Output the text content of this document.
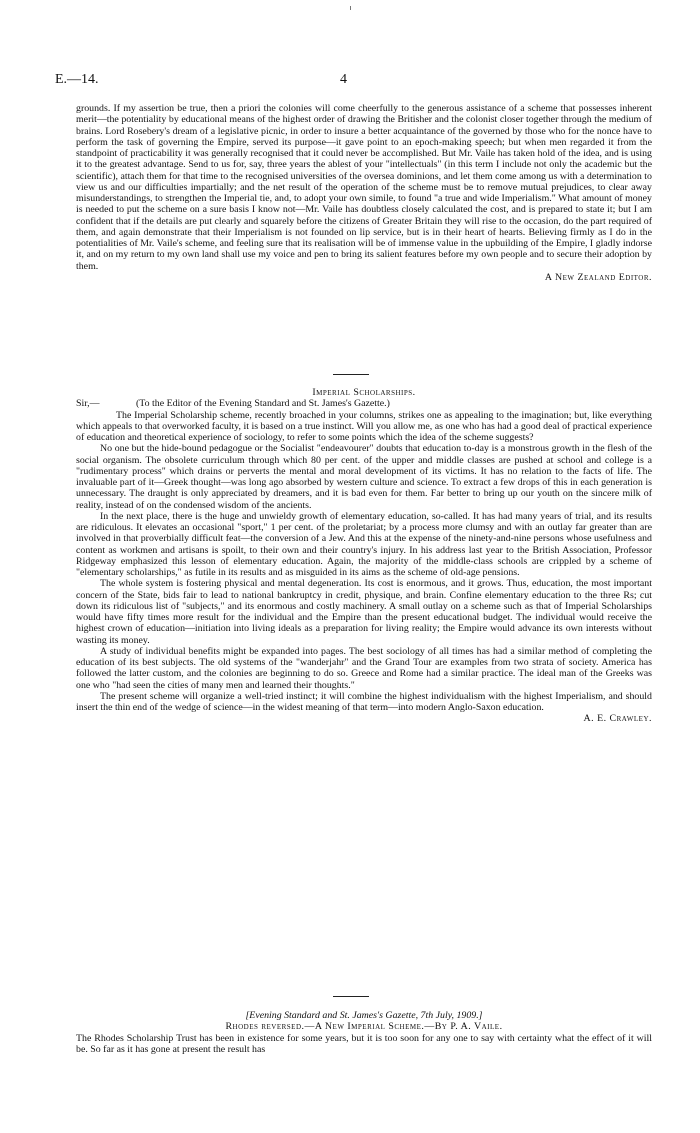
E.—14.	4

grounds. If my assertion be true, then a priori the colonies will come cheerfully to the generous assistance of a scheme that possesses inherent merit—the potentiality by educational means of the highest order of drawing the Britisher and the colonist closer together through the medium of brains. Lord Rosebery's dream of a legislative picnic, in order to insure a better acquaintance of the governed by those who for the nonce have to perform the task of governing the Empire, served its purpose—it gave point to an epoch-making speech; but when men regarded it from the standpoint of practicability it was generally recognised that it could never be accomplished. But Mr. Vaile has taken hold of the idea, and is using it to the greatest advantage. Send to us for, say, three years the ablest of your "intellectuals" (in this term I include not only the academic but the scientific), attach them for that time to the recognised universities of the oversea dominions, and let them come among us with a determination to view us and our difficulties impartially; and the net result of the operation of the scheme must be to remove mutual prejudices, to clear away misunderstandings, to strengthen the Imperial tie, and, to adopt your own simile, to found "a true and wide Imperialism." What amount of money is needed to put the scheme on a sure basis I know not—Mr. Vaile has doubtless closely calculated the cost, and is prepared to state it; but I am confident that if the details are put clearly and squarely before the citizens of Greater Britain they will rise to the occasion, do the part required of them, and again demonstrate that their Imperialism is not founded on lip service, but is in their heart of hearts. Believing firmly as I do in the potentialities of Mr. Vaile's scheme, and feeling sure that its realisation will be of immense value in the upbuilding of the Empire, I gladly indorse it, and on my return to my own land shall use my voice and pen to bring its salient features before my own people and to secure their adoption by them.

A New Zealand Editor.

Imperial Scholarships.

Sir,—	(To the Editor of the Evening Standard and St. James's Gazette.)

The Imperial Scholarship scheme, recently broached in your columns, strikes one as appealing to the imagination; but, like everything which appeals to that overworked faculty, it is based on a true instinct. Will you allow me, as one who has had a good deal of practical experience of education and theoretical experience of sociology, to refer to some points which the idea of the scheme suggests?

No one but the hide-bound pedagogue or the Socialist "endeavourer" doubts that education to-day is a monstrous growth in the flesh of the social organism. The obsolete curriculum through which 80 per cent. of the upper and middle classes are pushed at school and college is a "rudimentary process" which drains or perverts the mental and moral development of its victims. It has no relation to the facts of life. The invaluable part of it—Greek thought—was long ago absorbed by western culture and science. To extract a few drops of this in each generation is unnecessary. The draught is only appreciated by dreamers, and it is bad even for them. Far better to bring up our youth on the sincere milk of reality, instead of on the condensed wisdom of the ancients.

In the next place, there is the huge and unwieldy growth of elementary education, so-called. It has had many years of trial, and its results are ridiculous. It elevates an occasional "sport," 1 per cent. of the proletariat; by a process more clumsy and with an outlay far greater than are involved in that proverbially difficult feat—the conversion of a Jew. And this at the expense of the ninety-and-nine persons whose usefulness and content as workmen and artisans is spoilt, to their own and their country's injury. In his address last year to the British Association, Professor Ridgeway emphasized this lesson of elementary education. Again, the majority of the middle-class schools are crippled by a scheme of "elementary scholarships," as futile in its results and as misguided in its aims as the scheme of old-age pensions.

The whole system is fostering physical and mental degeneration. Its cost is enormous, and it grows. Thus, education, the most important concern of the State, bids fair to lead to national bankruptcy in credit, physique, and brain. Confine elementary education to the three Rs; cut down its ridiculous list of "subjects," and its enormous and costly machinery. A small outlay on a scheme such as that of Imperial Scholarships would have fifty times more result for the individual and the Empire than the present educational budget. The individual would receive the highest crown of education—initiation into living ideals as a preparation for living reality; the Empire would advance its own interests without wasting its money.

A study of individual benefits might be expanded into pages. The best sociology of all times has had a similar method of completing the education of its best subjects. The old systems of the "wanderjahr" and the Grand Tour are examples from two strata of society. America has followed the latter custom, and the colonies are beginning to do so. Greece and Rome had a similar practice. The ideal man of the Greeks was one who "had seen the cities of many men and learned their thoughts."

The present scheme will organize a well-tried instinct; it will combine the highest individualism with the highest Imperialism, and should insert the thin end of the wedge of science—in the widest meaning of that term—into modern Anglo-Saxon education.

A. E. Crawley.

[Evening Standard and St. James's Gazette, 7th July, 1909.]

Rhodes reversed.—A New Imperial Scheme.—By P. A. Vaile.

The Rhodes Scholarship Trust has been in existence for some years, but it is too soon for any one to say with certainty what the effect of it will be. So far as it has gone at present the result has
